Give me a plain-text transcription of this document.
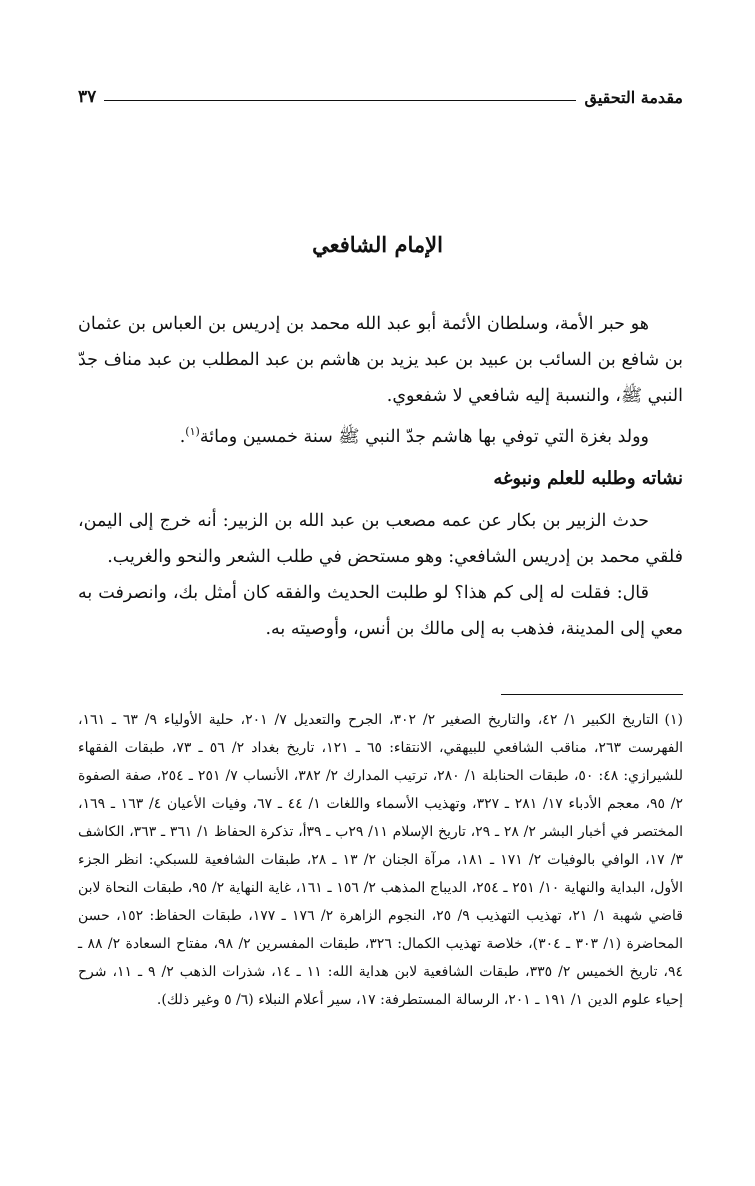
مقدمة التحقيق
٣٧
الإمام الشافعي

هو حبر الأمة، وسلطان الأئمة أبو عبد الله محمد بن إدريس بن العباس بن عثمان بن شافع بن السائب بن عبيد بن عبد يزيد بن هاشم بن عبد المطلب بن عبد مناف جدّ النبي ﷺ، والنسبة إليه شافعي لا شفعوي.

وولد بغزة التي توفي بها هاشم جدّ النبي ﷺ سنة خمسين ومائة$^{(١)}$.

نشاته وطلبه للعلم ونبوغه

حدث الزبير بن بكار عن عمه مصعب بن عبد الله بن الزبير: أنه خرج إلى اليمن، فلقي محمد بن إدريس الشافعي: وهو مستحض في طلب الشعر والنحو والغريب.

قال: فقلت له إلى كم هذا؟ لو طلبت الحديث والفقه كان أمثل بك، وانصرفت به معي إلى المدينة، فذهب به إلى مالك بن أنس، وأوصيته به.

(١)التاريخ الكبير ١/ ٤٢، والتاريخ الصغير ٢/ ٣٠٢، الجرح والتعديل ٧/ ٢٠١، حلية الأولياء ٩/ ٦٣ ـ ١٦١، الفهرست ٢٦٣، مناقب الشافعي للبيهقي، الانتقاء: ٦٥ ـ ١٢١، تاريخ بغداد ٢/ ٥٦ ـ ٧٣، طبقات الفقهاء للشيرازي: ٤٨: ٥٠، طبقات الحنابلة ١/ ٢٨٠، ترتيب المدارك ٢/ ٣٨٢، الأنساب ٧/ ٢٥١ ـ ٢٥٤، صفة الصفوة ٢/ ٩٥، معجم الأدباء ١٧/ ٢٨١ ـ ٣٢٧، وتهذيب الأسماء واللغات ١/ ٤٤ ـ ٦٧، وفيات الأعيان ٤/ ١٦٣ ـ ١٦٩، المختصر في أخبار البشر ٢/ ٢٨ ـ ٢٩، تاريخ الإسلام ١١/ ٢٩ب ـ ٣٩أ، تذكرة الحفاظ ١/ ٣٦١ ـ ٣٦٣، الكاشف ٣/ ١٧، الوافي بالوفيات ٢/ ١٧١ ـ ١٨١، مرآة الجنان ٢/ ١٣ ـ ٢٨، طبقات الشافعية للسبكي: انظر الجزء الأول، البداية والنهاية ١٠/ ٢٥١ ـ ٢٥٤، الديباج المذهب ٢/ ١٥٦ ـ ١٦١، غاية النهاية ٢/ ٩٥، طبقات النحاة لابن قاضي شهبة ١/ ٢١، تهذيب التهذيب ٩/ ٢٥، النجوم الزاهرة ٢/ ١٧٦ ـ ١٧٧، طبقات الحفاظ: ١٥٢، حسن المحاضرة (١/ ٣٠٣ ـ ٣٠٤)، خلاصة تهذيب الكمال: ٣٢٦، طبقات المفسرين ٢/ ٩٨، مفتاح السعادة ٢/ ٨٨ ـ ٩٤، تاريخ الخميس ٢/ ٣٣٥، طبقات الشافعية لابن هداية الله: ١١ ـ ١٤، شذرات الذهب ٢/ ٩ ـ ١١، شرح إحياء علوم الدين ١/ ١٩١ ـ ٢٠١، الرسالة المستطرفة: ١٧، سير أعلام النبلاء (٦/ ٥ وغير ذلك).
